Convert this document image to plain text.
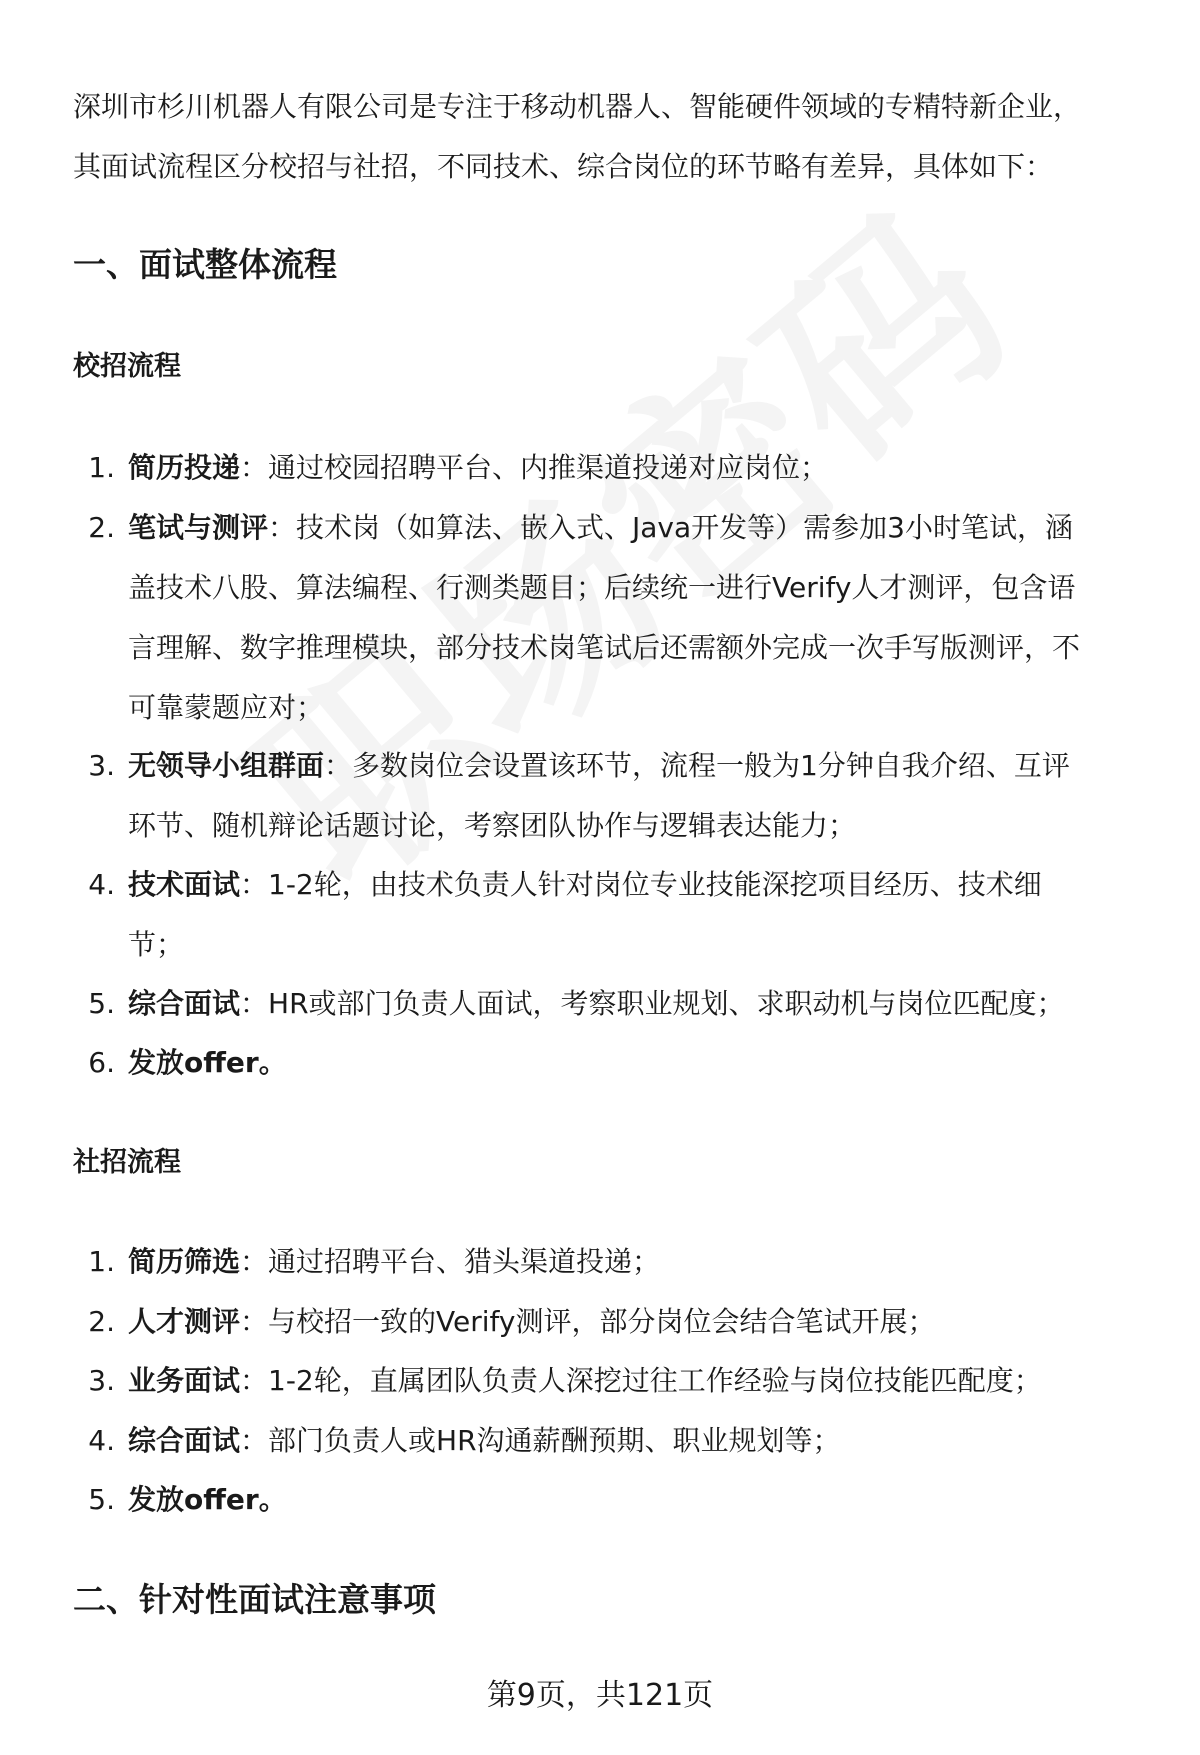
深圳市杉川机器人有限公司是专注于移动机器人、智能硬件领域的专精特新企业，
其面试流程区分校招与社招，不同技术、综合岗位的环节略有差异，具体如下：
一、面试整体流程
校招流程
1. 简历投递：通过校园招聘平台、内推渠道投递对应岗位；
2. 笔试与测评：技术岗（如算法、嵌入式、Java开发等）需参加3小时笔试，涵
盖技术八股、算法编程、行测类题目；后续统一进行Verify人才测评，包含语
言理解、数字推理模块，部分技术岗笔试后还需额外完成一次手写版测评，不
可靠蒙题应对；
3. 无领导小组群面：多数岗位会设置该环节，流程一般为1分钟自我介绍、互评
环节、随机辩论话题讨论，考察团队协作与逻辑表达能力；
4. 技术面试：1-2轮，由技术负责人针对岗位专业技能深挖项目经历、技术细
节；
5. 综合面试：HR或部门负责人面试，考察职业规划、求职动机与岗位匹配度；
6. 发放offer。
社招流程
1. 简历筛选：通过招聘平台、猎头渠道投递；
2. 人才测评：与校招一致的Verify测评，部分岗位会结合笔试开展；
3. 业务面试：1-2轮，直属团队负责人深挖过往工作经验与岗位技能匹配度；
4. 综合面试：部门负责人或HR沟通薪酬预期、职业规划等；
5. 发放offer。
二、针对性面试注意事项
第9页，共121页
